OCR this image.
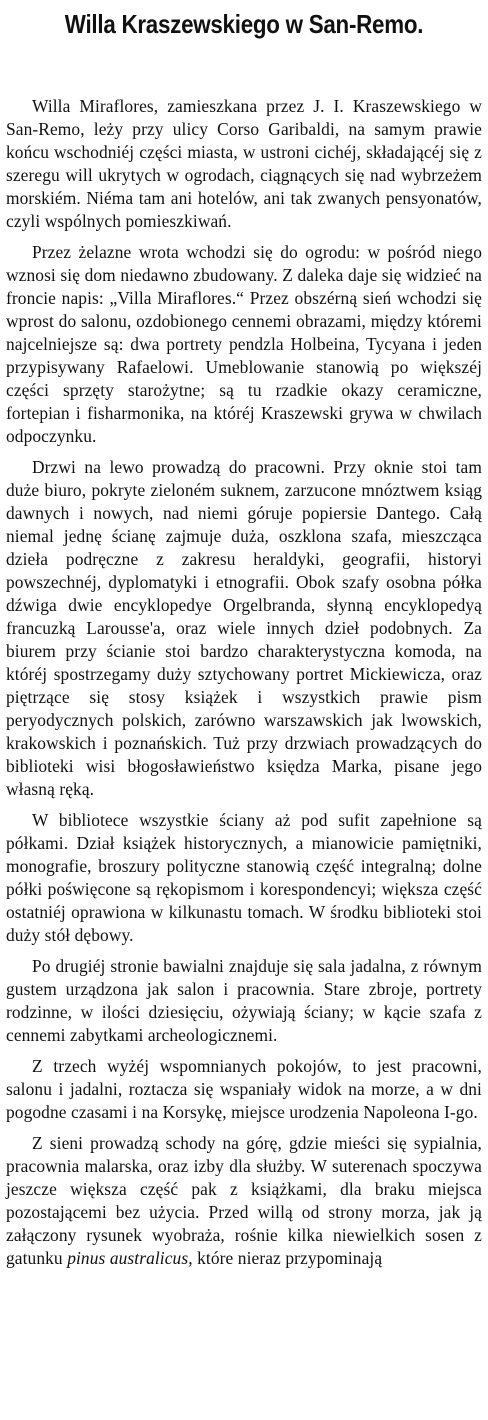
Willa Kraszewskiego w San-Remo.

Willa Miraflores, zamieszkana przez J. I. Kraszewskiego w San-Remo, leży przy ulicy Corso Garibaldi, na samym prawie końcu wschodniéj części miasta, w ustroni cichéj, składającéj się z szeregu will ukrytych w ogrodach, ciągnących się nad wybrzeżem morskiém. Niéma tam ani hotelów, ani tak zwanych pensyonatów, czyli wspólnych pomieszkiwań.

Przez żelazne wrota wchodzi się do ogrodu: w pośród niego wznosi się dom niedawno zbudowany. Z daleka daje się widzieć na froncie napis: „Villa Miraflores.“ Przez obszérną sień wchodzi się wprost do salonu, ozdobionego cennemi obrazami, między któremi najcelniejsze są: dwa portrety pendzla Holbeina, Tycyana i jeden przypisywany Rafaelowi. Umeblowanie stanowią po większéj części sprzęty starożytne; są tu rzadkie okazy ceramiczne, fortepian i fisharmonika, na któréj Kraszewski grywa w chwilach odpoczynku.

Drzwi na lewo prowadzą do pracowni. Przy oknie stoi tam duże biuro, pokryte zieloném suknem, zarzucone mnóztwem ksiąg dawnych i nowych, nad niemi góruje popiersie Dantego. Całą niemal jednę ścianę zajmuje duża, oszklona szafa, mieszcząca dzieła podręczne z zakresu heraldyki, geografii, historyi powszechnéj, dyplomatyki i etnografii. Obok szafy osobna półka dźwiga dwie encyklopedye Orgelbranda, słynną encyklopedyą francuzką Larousse'a, oraz wiele innych dzieł podobnych. Za biurem przy ścianie stoi bardzo charakterystyczna komoda, na któréj spostrzegamy duży sztychowany portret Mickiewicza, oraz piętrzące się stosy książek i wszystkich prawie pism peryodycznych polskich, zarówno warszawskich jak lwowskich, krakowskich i poznańskich. Tuż przy drzwiach prowadzących do biblioteki wisi błogosławieństwo księdza Marka, pisane jego własną ręką.

W bibliotece wszystkie ściany aż pod sufit zapełnione są półkami. Dział książek historycznych, a mianowicie pamiętniki, monografie, broszury polityczne stanowią część integralną; dolne półki poświęcone są rękopismom i korespondencyi; większa część ostatniéj oprawiona w kilkunastu tomach. W środku biblioteki stoi duży stół dębowy.

Po drugiéj stronie bawialni znajduje się sala jadalna, z równym gustem urządzona jak salon i pracownia. Stare zbroje, portrety rodzinne, w ilości dziesięciu, ożywiają ściany; w kącie szafa z cennemi zabytkami archeologicznemi.

Z trzech wyżéj wspomnianych pokojów, to jest pracowni, salonu i jadalni, roztacza się wspaniały widok na morze, a w dni pogodne czasami i na Korsykę, miejsce urodzenia Napoleona I-go.

Z sieni prowadzą schody na górę, gdzie mieści się sypialnia, pracownia malarska, oraz izby dla służby. W suterenach spoczywa jeszcze większa część pak z książkami, dla braku miejsca pozostającemi bez użycia. Przed willą od strony morza, jak ją załączony rysunek wyobraża, rośnie kilka niewielkich sosen z gatunku pinus australicus, które nieraz przypominają
